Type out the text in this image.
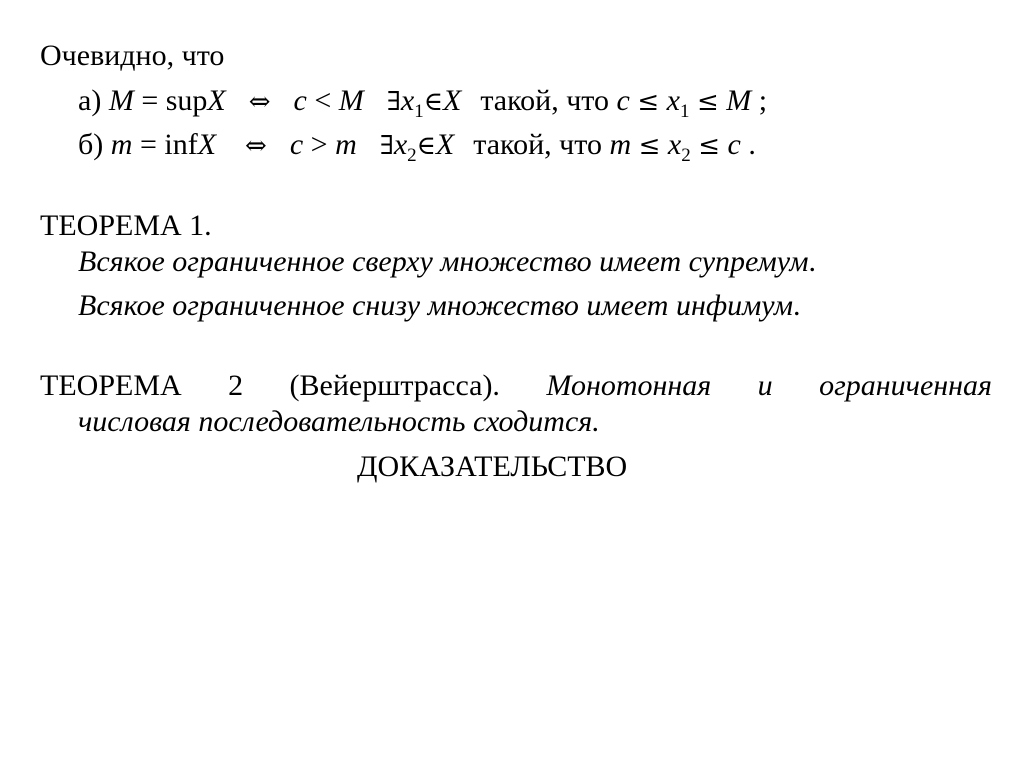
Очевидно, что
а) M = supX ⇔ c < M $\exists x_1\in X$ такой, что $c \le x_1 \le M$ ;
б) m = infX ⇔ c > m $\exists x_2\in X$ такой, что $m \le x_2 \le c$ .
ТЕОРЕМА 1.
Всякое ограниченное сверху множество имеет супремум.
Всякое ограниченное снизу множество имеет инфимум.
ТЕОРЕМА 2 (Вейерштрасса). Монотонная и ограниченная
числовая последовательность сходится.
ДОКАЗАТЕЛЬСТВО
